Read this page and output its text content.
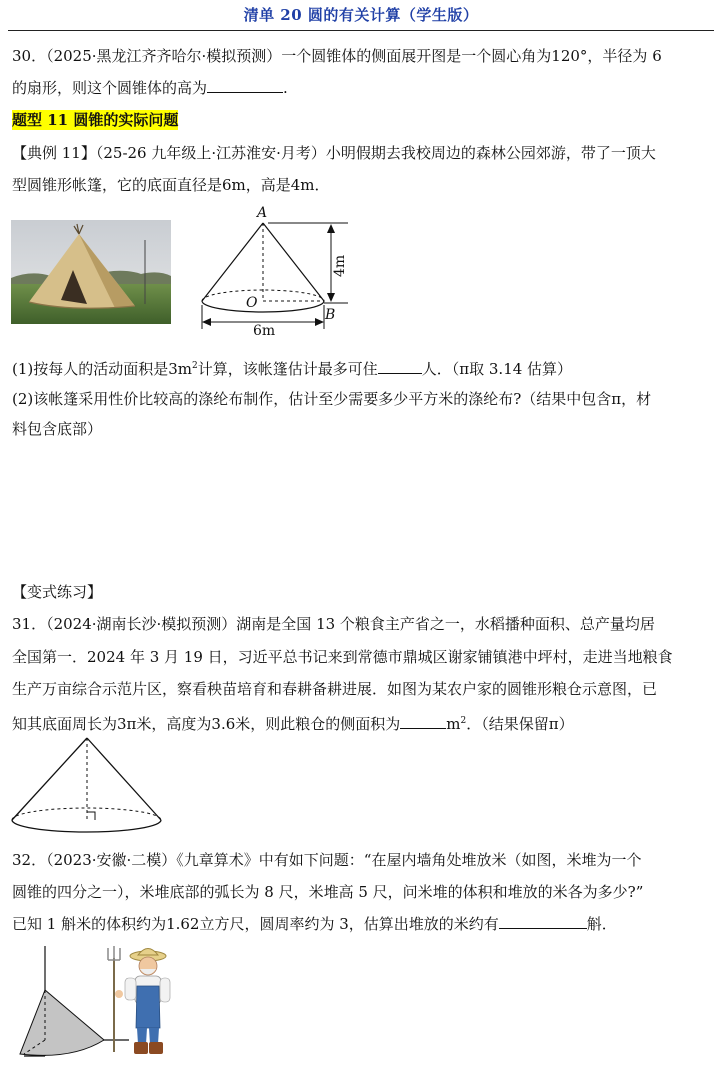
清单 20 圆的有关计算（学生版）
30．（2025·黑龙江齐齐哈尔·模拟预测）一个圆锥体的侧面展开图是一个圆心角为120°，半径为 6
的扇形，则这个圆锥体的高为	.
题型 11 圆锥的实际问题
【典例 11】（25-26 九年级上·江苏淮安·月考）小明假期去我校周边的森林公园郊游，带了一顶大
型圆锥形帐篷，它的底面直径是6m，高是4m．
A
O
B
6m
4m
(1)按每人的活动面积是$3m^2$计算，该帐篷估计最多可住	人．（π取 3.14 估算）
(2)该帐篷采用性价比较高的涤纶布制作，估计至少需要多少平方米的涤纶布?（结果中包含π，材
料包含底部）
【变式练习】
31．（2024·湖南长沙·模拟预测）湖南是全国 13 个粮食主产省之一，水稻播种面积、总产量均居
全国第一．2024 年 3 月 19 日，习近平总书记来到常德市鼎城区谢家铺镇港中坪村，走进当地粮食
生产万亩综合示范片区，察看秧苗培育和春耕备耕进展．如图为某农户家的圆锥形粮仓示意图，已
知其底面周长为3π米，高度为3.6米，则此粮仓的侧面积为	$m^2$．（结果保留π）
32．（2023·安徽·二模）《九章算术》中有如下问题：“在屋内墙角处堆放米（如图，米堆为一个
圆锥的四分之一），米堆底部的弧长为 8 尺，米堆高 5 尺，问米堆的体积和堆放的米各为多少?”
已知 1 斛米的体积约为1.62立方尺，圆周率约为 3，估算出堆放的米约有	斛．
